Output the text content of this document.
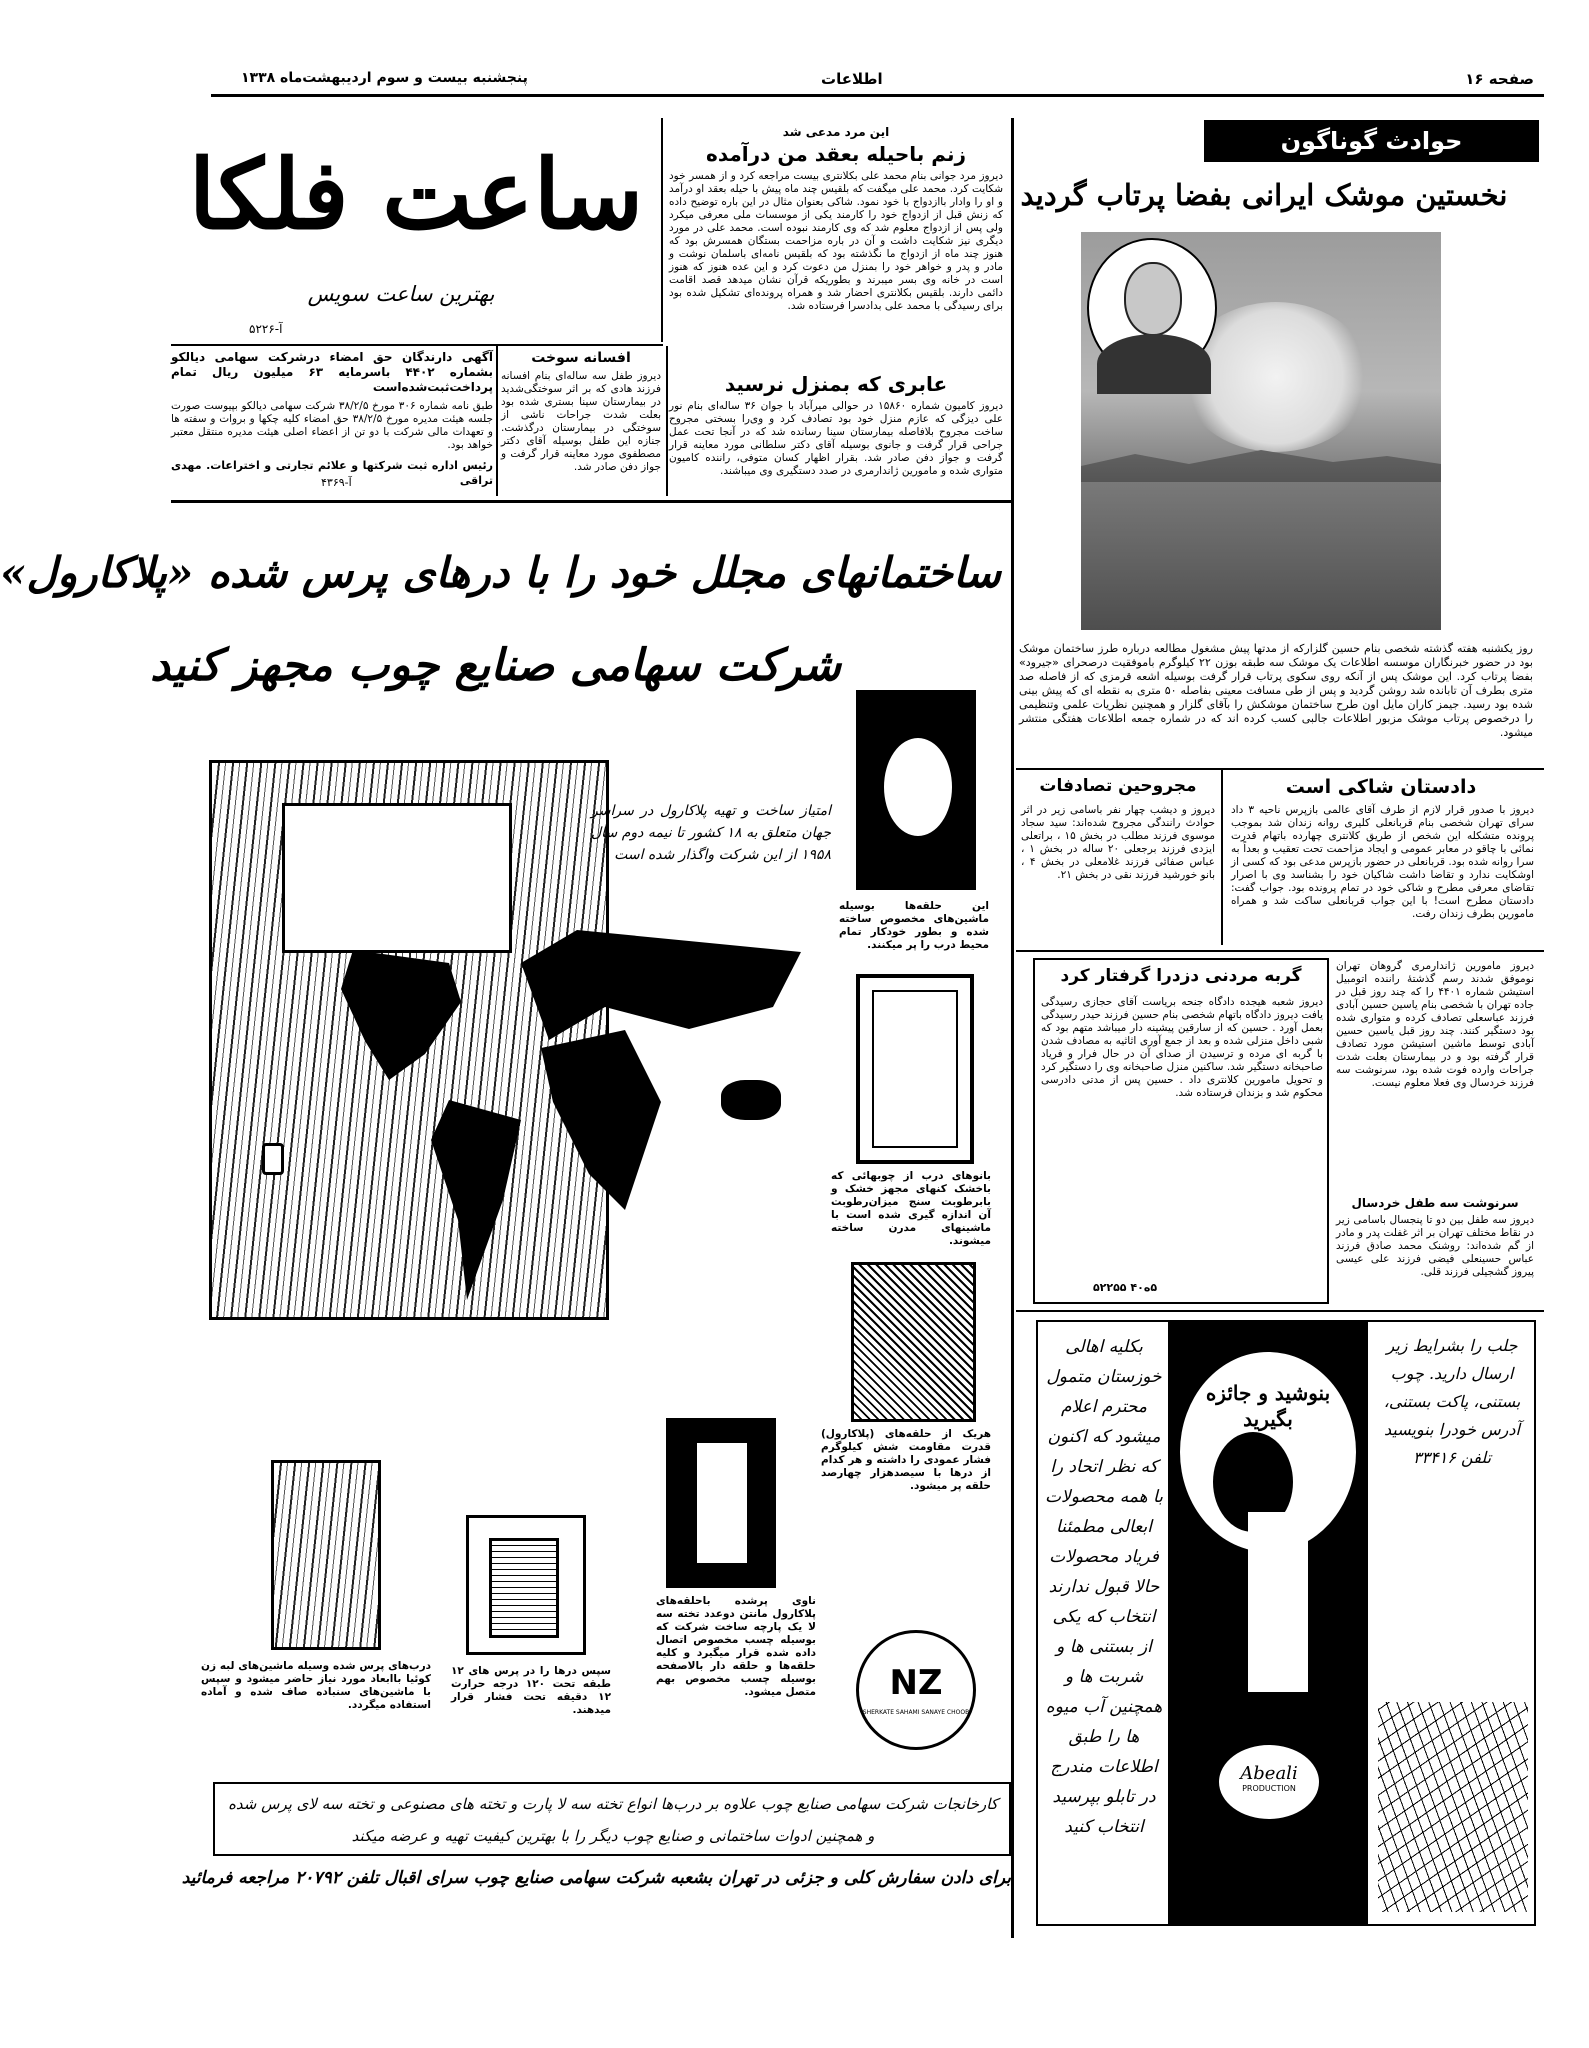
صفحه ۱۶
اطلاعات
پنجشنبه بیست و سوم اردیبهشت‌ماه ۱۳۳۸
حوادث گوناگون
نخستین موشک ایرانی بفضا پرتاب گردید
روز یکشنبه هفته گذشته شخصی بنام حسین گلزارکه از مدتها پیش مشغول مطالعه درباره طرز ساختمان موشک بود در حضور خبرنگاران موسسه اطلاعات یک موشک سه طبقه بوزن ۲۲ کیلوگرم باموفقیت درصحرای «جیرود» بفضا پرتاب کرد. این موشک پس از آنکه روی سکوی پرتاب قرار گرفت بوسیله اشعه قرمزی که از فاصله صد متری بطرف آن تابانده شد روشن گردید و پس از طی مسافت معینی بفاصله ۵۰ متری به نقطه ای که پیش بینی شده بود رسید. جیمز کاران مایل اون طرح ساختمان موشکش را بآقای گلزار و همچنین نظریات علمی وتنظیمی را درخصوص پرتاب موشک مزبور اطلاعات جالبی کسب کرده اند که در شماره جمعه اطلاعات هفتگی منتشر میشود.
دادستان شاکی است
دیروز با صدور قرار لازم از طرف آقای عالمی بازپرس ناحیه ۳ داد سرای تهران شخصی بنام قربانعلی کلیری روانه زندان شد بموجب پرونده متشکله این شخص از طریق کلانتری چهارده باتهام قدرت نمائی با چاقو در معابر عمومی و ایجاد مزاحمت تحت تعقیب و بعداً به سرا روانه شده بود. قربانعلی در حضور بازپرس مدعی بود که کسی از اوشکایت ندارد و تقاضا داشت شاکیان خود را بشناسد وی با اصرار تقاضای معرفی مطرح و شاکی خود در تمام پرونده بود. جواب گفت: دادستان مطرح است! با این جواب قربانعلی ساکت شد و همراه مامورین بطرف زندان رفت.
مجروحین تصادفات
دیروز و دیشب چهار نفر باسامی زیر در اثر حوادث رانندگی مجروح شده‌اند: سید سجاد موسوی فرزند مطلب در بخش ۱۵ ، براتعلی ایزدی فرزند برجعلی ۲۰ ساله در بخش ۱ ، عباس صفائی فرزند غلامعلی در بخش ۴ ، بانو خورشید فرزند نقی در بخش ۲۱.
گربه مردنی دزدرا گرفتار کرد
دیروز شعبه هیجده دادگاه جنحه بریاست آقای حجازی رسیدگی یافت دیروز دادگاه باتهام شخصی بنام حسین فرزند حیدر رسیدگی بعمل آورد . حسین که از سارقین پیشینه دار میباشد متهم بود که شبی داخل منزلی شده و بعد از جمع آوری اثاثیه به مصادف شدن با گربه ای مرده و ترسیدن از صدای آن در حال فرار و فریاد صاحبخانه دستگیر شد. ساکنین منزل صاحبخانه وی را دستگیر کرد و تحویل مامورین کلانتری داد . حسین پس از مدتی دادرسی محکوم شد و بزندان فرستاده شد.
۵ه‌۴۰ ۵۲۲۵۵
دیروز مامورین ژاندارمری گروهان تهران نوموفق شدند رسم گذشتهٔ راننده اتومبیل استیشن شماره ۴۴۰۱ را که چند روز قبل در جاده تهران با شخصی بنام یاسین حسین آبادی فرزند عباسعلی تصادف کرده و متواری شده بود دستگیر کنند. چند روز قبل یاسین حسین آبادی توسط ماشین استیشن مورد تصادف قرار گرفته بود و در بیمارستان بعلت شدت جراحات وارده فوت شده بود، سرنوشت سه فرزند خردسال وی فعلا معلوم نیست.
سرنوشت سه طفل خردسال
دیروز سه طفل بین دو تا پنجسال باسامی زیر در نقاط مختلف تهران بر اثر غفلت پدر و مادر از گم شده‌اند: روشنک محمد صادق فرزند عباس حسینعلی فیضی فرزند علی عیسی پیروز گشجیلی فرزند قلی.
بکلیه اهالی خوزستان متمول محترم اعلام میشود که اکنون که نظر اتحاد را با همه محصولات ابعالی مطمئنا فریاد محصولات حالا قبول ندارند انتخاب که یکی از بستنی ها و شربت ها و همچنین آب میوه ها را طبق اطلاعات مندرج در تابلو بپرسید انتخاب کنید
بنوشید و جائزه بگیرید
Abeali
PRODUCTION
جلب را بشرایط زیر ارسال دارید. چوب بستنی، پاکت بستنی، آدرس خودرا بنویسید تلفن ۳۳۴۱۶
ساعت فلکا
بهترین ساعت سویس
آ-۵۲۲۶
این مرد مدعی شد
زنم باحیله بعقد من درآمده
دیروز مرد جوانی بنام محمد علی بکلانتری بیست مراجعه کرد و از همسر خود شکایت کرد. محمد علی میگفت که بلقیس چند ماه پیش با حیله بعقد او درآمد و او را وادار باازدواج با خود نمود. شاکی بعنوان مثال در این باره توضیح داده که زنش قبل از ازدواج خود را کارمند یکی از موسسات ملی معرفی میکرد ولی پس از ازدواج معلوم شد که وی کارمند نبوده است. محمد علی در مورد دیگری نیز شکایت داشت و آن در باره مزاحمت بستگان همسرش بود که هنوز چند ماه از ازدواج ما نگذشته بود که بلقیس نامه‌ای باسلمان نوشت و مادر و پدر و خواهر خود را بمنزل من دعوت کرد و این عده هنوز که هنوز است در خانه وی بسر میبرند و بطوریکه قرآن نشان میدهد قصد اقامت دائمی دارند. بلقیس بکلانتری احضار شد و همراه پرونده‌ای تشکیل شده بود برای رسیدگی با محمد علی بدادسرا فرستاده شد.
عابری که بمنزل نرسید
دیروز کامیون شماره ۱۵۸۶۰ در حوالی میرآباد با جوان ۳۶ ساله‌ای بنام نور علی دیزگی که عازم منزل خود بود تصادف کرد و وی‌را بسختی مجروح ساخت مجروح بلافاصله بیمارستان سینا رسانده شد که در آنجا تحت عمل جراحی قرار گرفت و جانوی بوسیله آقای دکتر سلطانی مورد معاینه قرار گرفت و جواز دفن صادر شد. بقرار اظهار کسان متوفی، راننده کامیون متواری شده و مامورین ژاندارمری در صدد دستگیری وی میباشند.
افسانه سوخت
دیروز طفل سه ساله‌ای بنام افسانه فرزند هادی که بر اثر سوختگی‌شدید در بیمارستان سینا بستری شده بود بعلت شدت جراحات ناشی از سوختگی در بیمارستان درگذشت. جنازه این طفل بوسیله آقای دکتر مصطفوی مورد معاینه قرار گرفت و جواز دفن صادر شد.
آگهی دارندگان حق امضاء درشرکت سهامی دیالکو بشماره ۴۴۰۲ باسرمایه ۶۳ میلیون ریال تمام پرداخت‌ثبت‌شده‌است
طبق نامه شماره ۳۰۶ مورخ ۳۸/۲/۵ شرکت سهامی دیالکو بپیوست صورت جلسه هیئت مدیره مورخ ۳۸/۲/۵ حق امضاء کلیه چکها و بروات و سفته ها و تعهدات مالی شرکت با دو تن از اعضاء اصلی هیئت مدیره منتقل معتبر خواهد بود.
رئیس اداره ثبت شرکتها و علائم تجارتی و اختراعات. مهدی تراقی
آ-۴۳۶۹
ساختمانهای مجلل خود را با درهای پرس شده «پلاکارول»
شرکت سهامی صنایع چوب مجهز کنید
امتیاز ساخت و تهیه پلاکارول در سراسر جهان متعلق به ۱۸ کشور تا نیمه دوم سال ۱۹۵۸ از این شرکت واگذار شده است
این حلقه‌ها بوسیله ماشین‌های مخصوص ساخته شده و بطور خودکار تمام محیط درب را پر میکنند.
بانوهای درب از چوبهائی که باخشک کنهای مجهز خشک و بابرطوبت سنج میزان‌رطوبت آن اندازه گیری شده است با ماشینهای مدرن ساخته میشوند.
هریک از حلقه‌های (پلاکارول) قدرت مقاومت شش کیلوگرم فشار عمودی را داشته و هر کدام از درها با سیصد‌هزار چهارصد حلقه پر میشود.
ناوی پرشده باحلقه‌های پلاکارول مانتن دوعدد تخته سه لا یک پارچه ساخت شرکت که بوسیله چسب مخصوص اتصال داده شده قرار میگیرد و کلیه حلقه‌ها و حلقه دار بالاصفحه بوسیله چسب مخصوص بهم متصل میشود.
سپس درها را در پرس های ۱۲ طبقه تحت ۱۲۰ درجه حرارت ۱۲ دقیقه تحت فشار قرار میدهند.
درب‌های پرس شده وسیله ماشین‌های لبه زن کوئیا باابعاد مورد نیاز حاضر میشود و سپس با ماشین‌های سنباده صاف شده و آماده استفاده میگردد.
NZ
SHERKATE SAHAMI SANAYE CHOOB
کارخانجات شرکت سهامی صنایع چوب علاوه بر درب‌ها انواع تخته سه لا پارت و تخته های مصنوعی و تخته سه لای پرس شده و همچنین ادوات ساختمانی و صنایع چوب دیگر را با بهترین کیفیت تهیه و عرضه میکند
برای دادن سفارش کلی و جزئی در تهران بشعبه شرکت سهامی صنایع چوب سرای اقبال تلفن ۲۰۷۹۲ مراجعه فرمائید
